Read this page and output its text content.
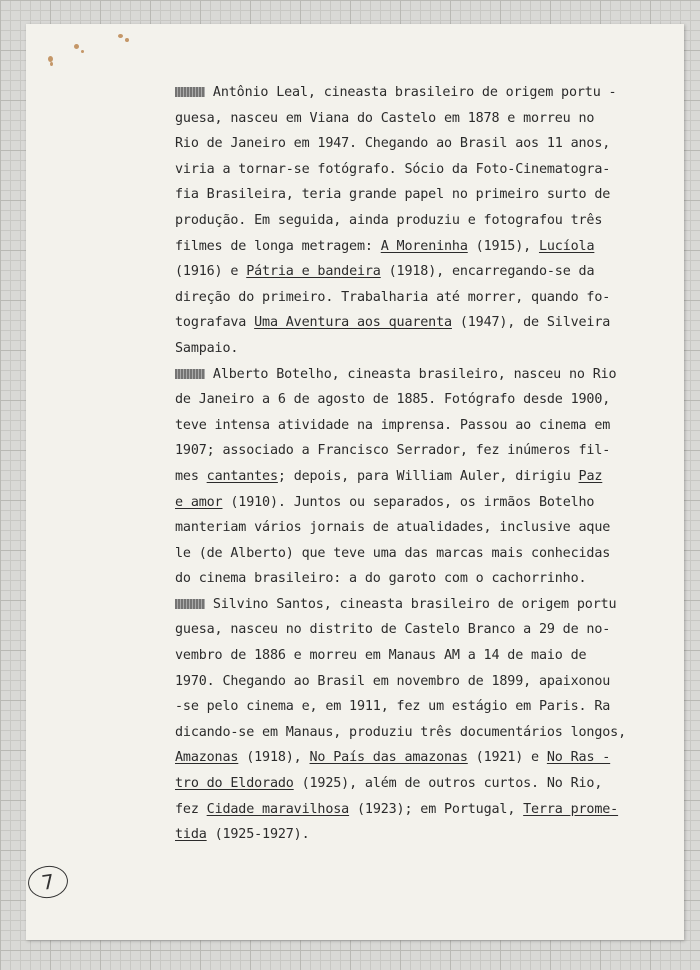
Antônio Leal, cineasta brasileiro de origem portu -
guesa, nasceu em Viana do Castelo em 1878 e morreu no
Rio de Janeiro em 1947. Chegando ao Brasil aos 11 anos,
viria a tornar-se fotógrafo. Sócio da Foto-Cinematogra-
fia Brasileira, teria grande papel no primeiro surto de
produção. Em seguida, ainda produziu e fotografou três
filmes de longa metragem: A Moreninha (1915), Lucíola
(1916) e Pátria e bandeira (1918), encarregando-se da
direção do primeiro. Trabalharia até morrer, quando fo-
tografava Uma Aventura aos quarenta (1947), de Silveira
Sampaio.
Alberto Botelho, cineasta brasileiro, nasceu no Rio
de Janeiro a 6 de agosto de 1885. Fotógrafo desde 1900,
teve intensa atividade na imprensa. Passou ao cinema em
1907; associado a Francisco Serrador, fez inúmeros fil-
mes cantantes; depois, para William Auler, dirigiu Paz
e amor (1910). Juntos ou separados, os irmãos Botelho
manteriam vários jornais de atualidades, inclusive aque
le (de Alberto) que teve uma das marcas mais conhecidas
do cinema brasileiro: a do garoto com o cachorrinho.
Silvino Santos, cineasta brasileiro de origem portu
guesa, nasceu no distrito de Castelo Branco a 29 de no-
vembro de 1886 e morreu em Manaus AM a 14 de maio de
1970. Chegando ao Brasil em novembro de 1899, apaixonou
-se pelo cinema e, em 1911, fez um estágio em Paris. Ra
dicando-se em Manaus, produziu três documentários longos,
Amazonas (1918), No País das amazonas (1921) e No Ras -
tro do Eldorado (1925), além de outros curtos. No Rio,
fez Cidade maravilhosa (1923); em Portugal, Terra prome-
tida (1925-1927).
7
